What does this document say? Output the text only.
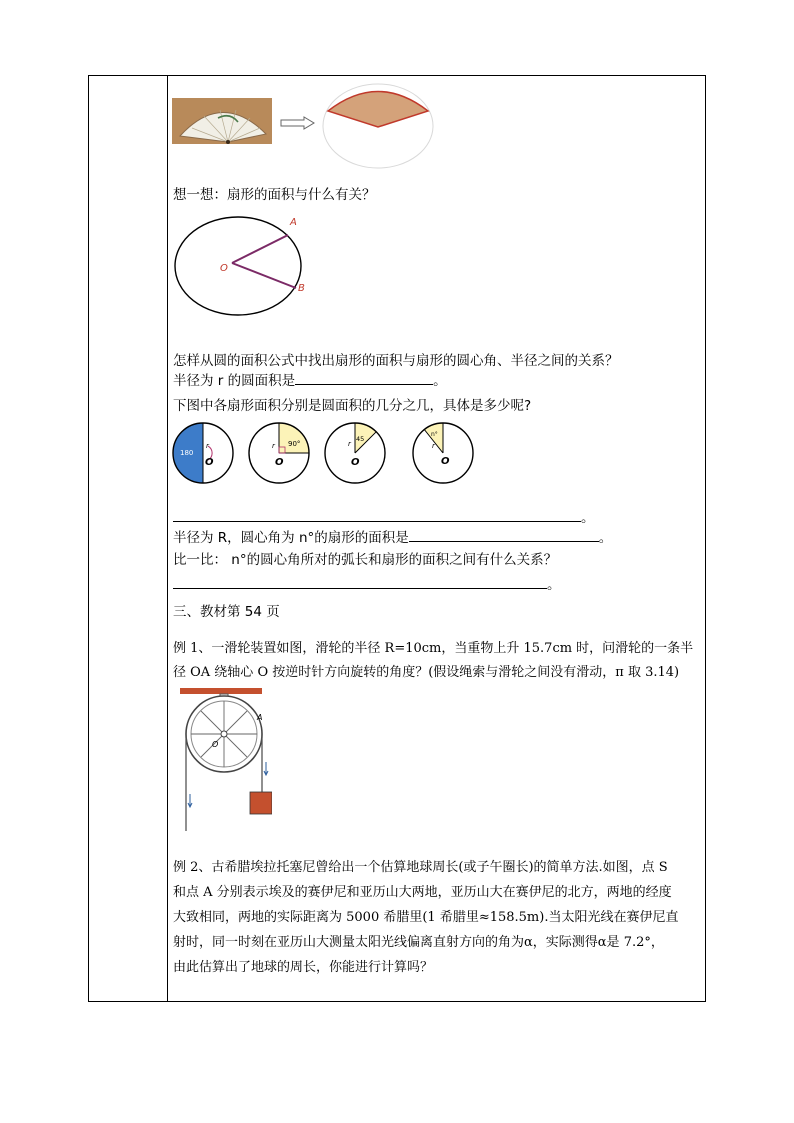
想一想：扇形的面积与什么有关？
A
B
O
怎样从圆的面积公式中找出扇形的面积与扇形的圆心角、半径之间的关系？
半径为 r 的圆面积是	。
下图中各扇形面积分别是圆面积的几分之几，具体是多少呢?
180
r
O
90°
r
O
45
r
O
n°
r
O
。
半径为 R，圆心角为 n°的扇形的面积是	。
比一比： n°的圆心角所对的弧长和扇形的面积之间有什么关系？
。
三、教材第 54 页
例 1、一滑轮装置如图，滑轮的半径 R=10cm，当重物上升 15.7cm 时，问滑轮的一条半
径 OA 绕轴心 O 按逆时针方向旋转的角度？(假设绳索与滑轮之间没有滑动，π 取 3.14)
A
O
例 2、古希腊埃拉托塞尼曾给出一个估算地球周长(或子午圈长)的简单方法.如图，点 S
和点 A 分别表示埃及的赛伊尼和亚历山大两地，亚历山大在赛伊尼的北方，两地的经度
大致相同，两地的实际距离为 5000 希腊里(1 希腊里≈158.5m).当太阳光线在赛伊尼直
射时，同一时刻在亚历山大测量太阳光线偏离直射方向的角为α，实际测得α是 7.2°，
由此估算出了地球的周长，你能进行计算吗？
